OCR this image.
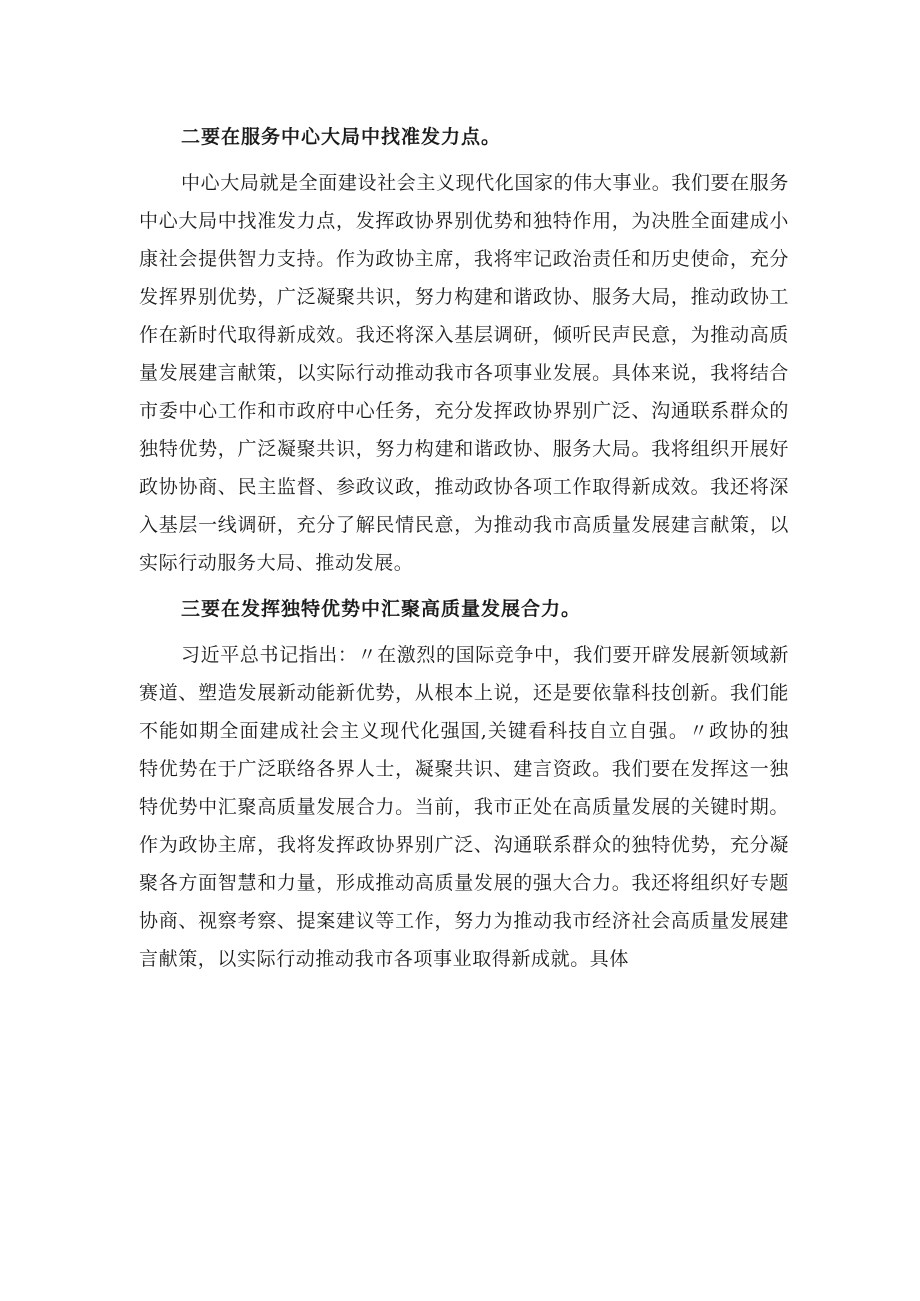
二要在服务中心大局中找准发力点。

中心大局就是全面建设社会主义现代化国家的伟大事业。我们要在服务中心大局中找准发力点，发挥政协界别优势和独特作用，为决胜全面建成小康社会提供智力支持。作为政协主席，我将牢记政治责任和历史使命，充分发挥界别优势，广泛凝聚共识，努力构建和谐政协、服务大局，推动政协工作在新时代取得新成效。我还将深入基层调研，倾听民声民意，为推动高质量发展建言献策，以实际行动推动我市各项事业发展。具体来说，我将结合市委中心工作和市政府中心任务，充分发挥政协界别广泛、沟通联系群众的独特优势，广泛凝聚共识，努力构建和谐政协、服务大局。我将组织开展好政协协商、民主监督、参政议政，推动政协各项工作取得新成效。我还将深入基层一线调研，充分了解民情民意，为推动我市高质量发展建言献策，以实际行动服务大局、推动发展。

三要在发挥独特优势中汇聚高质量发展合力。

习近平总书记指出：〃在激烈的国际竞争中，我们要开辟发展新领域新赛道、塑造发展新动能新优势，从根本上说，还是要依靠科技创新。我们能不能如期全面建成社会主义现代化强国,关键看科技自立自强。〃政协的独特优势在于广泛联络各界人士，凝聚共识、建言资政。我们要在发挥这一独特优势中汇聚高质量发展合力。当前，我市正处在高质量发展的关键时期。作为政协主席，我将发挥政协界别广泛、沟通联系群众的独特优势，充分凝聚各方面智慧和力量，形成推动高质量发展的强大合力。我还将组织好专题协商、视察考察、提案建议等工作，努力为推动我市经济社会高质量发展建言献策，以实际行动推动我市各项事业取得新成就。具体
